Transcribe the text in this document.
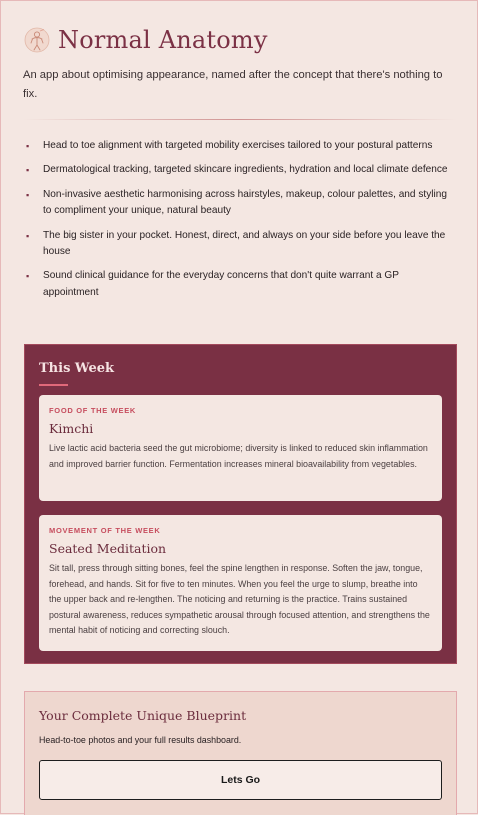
Normal Anatomy
An app about optimising appearance, named after the concept that there's nothing to fix.
▪	Head to toe alignment with targeted mobility exercises tailored to your postural patterns
▪	Dermatological tracking, targeted skincare ingredients, hydration and local climate defence
▪	Non-invasive aesthetic harmonising across hairstyles, makeup, colour palettes, and styling to compliment your unique, natural beauty
▪	The big sister in your pocket. Honest, direct, and always on your side before you leave the house
▪	Sound clinical guidance for the everyday concerns that don't quite warrant a GP appointment
This Week
FOOD OF THE WEEK
Kimchi
Live lactic acid bacteria seed the gut microbiome; diversity is linked to reduced skin inflammation and improved barrier function. Fermentation increases mineral bioavailability from vegetables.
MOVEMENT OF THE WEEK
Seated Meditation
Sit tall, press through sitting bones, feel the spine lengthen in response. Soften the jaw, tongue, forehead, and hands. Sit for five to ten minutes. When you feel the urge to slump, breathe into the upper back and re-lengthen. The noticing and returning is the practice. Trains sustained postural awareness, reduces sympathetic arousal through focused attention, and strengthens the mental habit of noticing and correcting slouch.
Your Complete Unique Blueprint
Head-to-toe photos and your full results dashboard.
Lets Go
